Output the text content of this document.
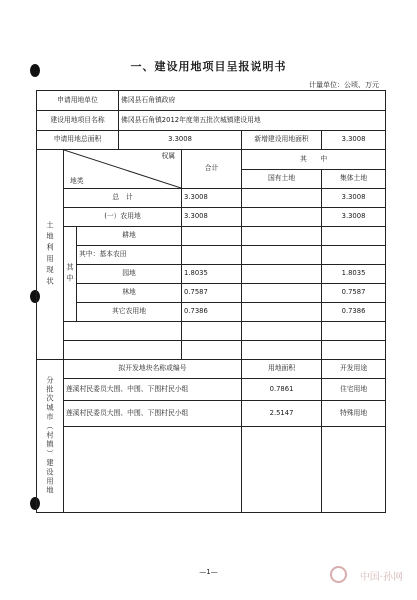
一、建设用地项目呈报说明书
计量单位：公顷、万元
申请用地单位			佛冈县石角镇政府			
建设用地项目名称			佛冈县石角镇2012年度第五批次城镇建设用地			
申请用地总面积			3.3008		新增建设用地面积	3.3008

土地利用现状	权属
地类			合计	其　　中	
					国有土地	集体土地
	总　计			3.3008		3.3008
	(一）农用地			3.3008		3.3008

	其中	耕地				
		其中：基本农田				
		园地		1.8035		1.8035
		林地		0.7587		0.7587
		其它农用地		0.7386		0.7386

分批次城市（村镇）建设用地	拟开发地块名称或编号				用地面积	开发用途
	莲溪村民委员大围、中围、下围村民小组				0.7861	住宅用地
	莲溪村民委员大围、中围、下围村民小组				2.5147	特殊用地

—1—	中国·孙网
